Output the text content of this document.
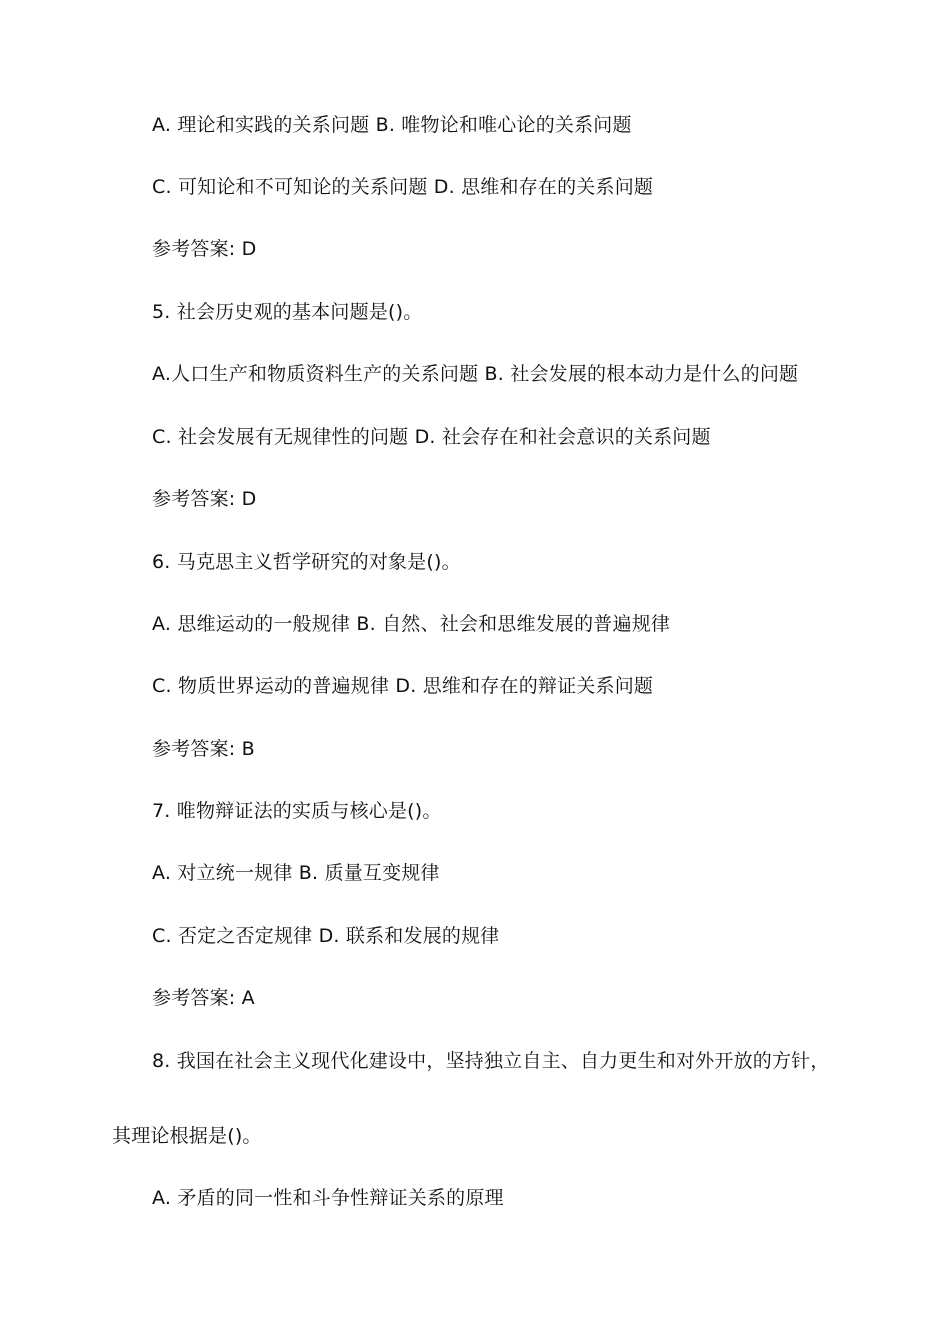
A. 理论和实践的关系问题 B. 唯物论和唯心论的关系问题
C. 可知论和不可知论的关系问题 D. 思维和存在的关系问题
参考答案: D
5. 社会历史观的基本问题是()。
A.人口生产和物质资料生产的关系问题 B. 社会发展的根本动力是什么的问题
C. 社会发展有无规律性的问题 D. 社会存在和社会意识的关系问题
参考答案: D
6. 马克思主义哲学研究的对象是()。
A. 思维运动的一般规律 B. 自然、社会和思维发展的普遍规律
C. 物质世界运动的普遍规律 D. 思维和存在的辩证关系问题
参考答案: B
7. 唯物辩证法的实质与核心是()。
A. 对立统一规律 B. 质量互变规律
C. 否定之否定规律 D. 联系和发展的规律
参考答案: A
8. 我国在社会主义现代化建设中，坚持独立自主、自力更生和对外开放的方针，
其理论根据是()。
A. 矛盾的同一性和斗争性辩证关系的原理
